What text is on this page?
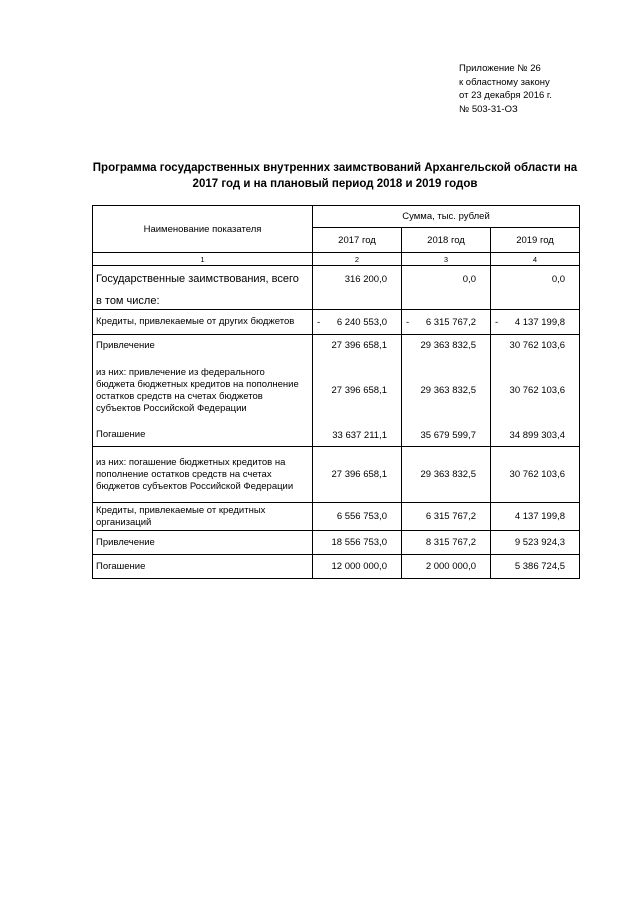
Приложение № 26
к областному закону
от 23 декабря 2016 г.
№ 503-31-ОЗ
Программа государственных внутренних заимствований Архангельской области на
2017 год и на плановый период 2018 и 2019 годов
Наименование показателя	Сумма, тыс. рублей		
	2017 год	2018 год	2019 год
1	2	3	4
Государственные заимствования, всего	316 200,0	0,0	0,0
в том числе:			
Кредиты, привлекаемые от других бюджетов	- 6 240 553,0	- 6 315 767,2	- 4 137 199,8

Привлечение	27 396 658,1	29 363 832,5	30 762 103,6
из них: привлечение из федерального бюджета бюджетных кредитов на пополнение остатков средств на счетах бюджетов субъектов Российской Федерации	27 396 658,1	29 363 832,5	30 762 103,6
Погашение	33 637 211,1	35 679 599,7	34 899 303,4
из них: погашение бюджетных кредитов на пополнение остатков средств на счетах бюджетов субъектов Российской Федерации	27 396 658,1	29 363 832,5	30 762 103,6
Кредиты, привлекаемые от кредитных организаций	6 556 753,0	6 315 767,2	4 137 199,8
Привлечение	18 556 753,0	8 315 767,2	9 523 924,3
Погашение	12 000 000,0	2 000 000,0	5 386 724,5
